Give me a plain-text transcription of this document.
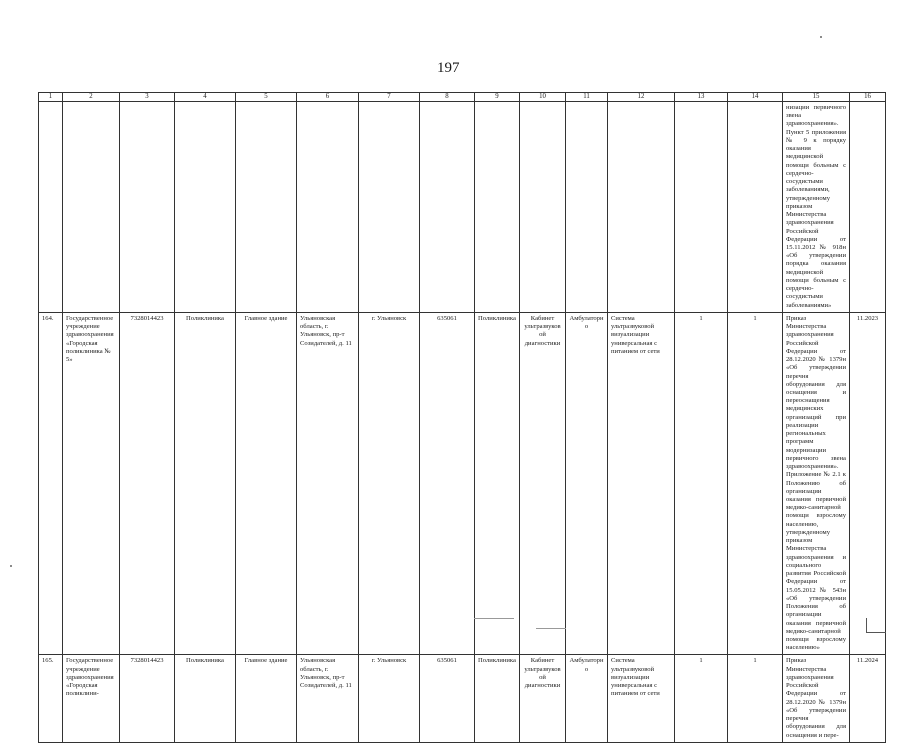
197
1	2	3	4	5	6	7	8	9	10	11	12	13	14	15	16
														низации первичного звена здравоохранения». Пункт 5 приложения № 9 к порядку оказания медицинской помощи больным с сердечно-сосудистыми заболеваниями, утвержденному приказом Министерства здравоохранения Российской Федерации от 15.11.2012 № 918н «Об утверждении порядка оказания медицинской помощи больным с сердечно-сосудистыми заболеваниями»	
164.	Государственное учреждение здравоохранения «Городская поликлиника № 5»	7328014423	Поликлиника	Главное здание	Ульяновская область, г. Ульяновск, пр-т Созидателей, д. 11	г. Ульяновск	635061	Поликлиника	Кабинет ультразвуковой диагностики	Амбулаторно	Система ультразвуковой визуализации универсальная с питанием от сети	1	1	Приказ Министерства здравоохранения Российской Федерации от 28.12.2020 № 1379н «Об утверждении перечня оборудования для оснащения и переоснащения медицинских организаций при реализации региональных программ модернизации первичного звена здравоохранения». Приложение № 2.1 к Положению об организации оказания первичной медико-санитарной помощи взрослому населению, утвержденному приказом Министерства здравоохранения и социального развития Российской Федерации от 15.05.2012 № 543н «Об утверждении Положения об организации оказания первичной медико-санитарной помощи взрослому населению»	11.2023
165.	Государственное учреждение здравоохранения «Городская поликлини-	7328014423	Поликлиника	Главное здание	Ульяновская область, г. Ульяновск, пр-т Созидателей, д. 11	г. Ульяновск	635061	Поликлиника	Кабинет ультразвуковой диагностики	Амбулаторно	Система ультразвуковой визуализации универсальная с питанием от сети	1	1	Приказ Министерства здравоохранения Российской Федерации от 28.12.2020 № 1379н «Об утверждении перечня оборудования для оснащения и пере-	11.2024
